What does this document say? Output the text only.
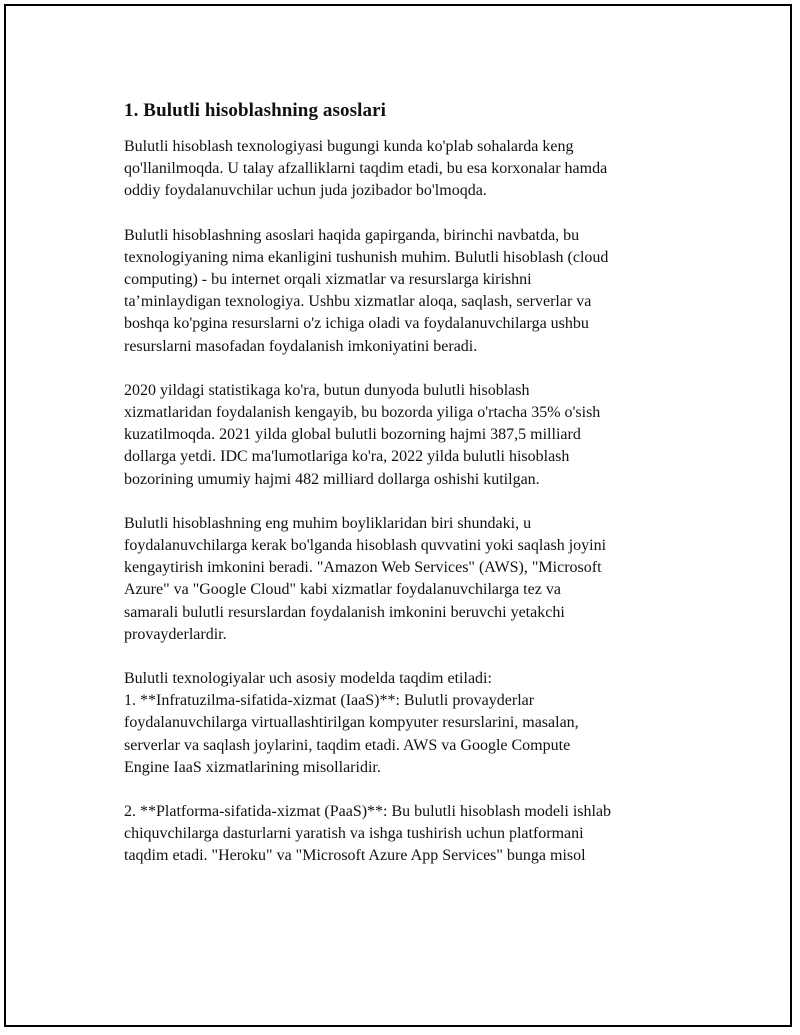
1. Bulutli hisoblashning asoslari
Bulutli hisoblash texnologiyasi bugungi kunda ko'plab sohalarda keng
qo'llanilmoqda. U talay afzalliklarni taqdim etadi, bu esa korxonalar hamda
oddiy foydalanuvchilar uchun juda jozibador bo'lmoqda.
Bulutli hisoblashning asoslari haqida gapirganda, birinchi navbatda, bu
texnologiyaning nima ekanligini tushunish muhim. Bulutli hisoblash (cloud
computing) - bu internet orqali xizmatlar va resurslarga kirishni
ta’minlaydigan texnologiya. Ushbu xizmatlar aloqa, saqlash, serverlar va
boshqa ko'pgina resurslarni o'z ichiga oladi va foydalanuvchilarga ushbu
resurslarni masofadan foydalanish imkoniyatini beradi.
2020 yildagi statistikaga ko'ra, butun dunyoda bulutli hisoblash
xizmatlaridan foydalanish kengayib, bu bozorda yiliga o'rtacha 35% o'sish
kuzatilmoqda. 2021 yilda global bulutli bozorning hajmi 387,5 milliard
dollarga yetdi. IDC ma'lumotlariga ko'ra, 2022 yilda bulutli hisoblash
bozorining umumiy hajmi 482 milliard dollarga oshishi kutilgan.
Bulutli hisoblashning eng muhim boyliklaridan biri shundaki, u
foydalanuvchilarga kerak bo'lganda hisoblash quvvatini yoki saqlash joyini
kengaytirish imkonini beradi. "Amazon Web Services" (AWS), "Microsoft
Azure" va "Google Cloud" kabi xizmatlar foydalanuvchilarga tez va
samarali bulutli resurslardan foydalanish imkonini beruvchi yetakchi
provayderlardir.
Bulutli texnologiyalar uch asosiy modelda taqdim etiladi:
1. **Infratuzilma-sifatida-xizmat (IaaS)**: Bulutli provayderlar
foydalanuvchilarga virtuallashtirilgan kompyuter resurslarini, masalan,
serverlar va saqlash joylarini, taqdim etadi. AWS va Google Compute
Engine IaaS xizmatlarining misollaridir.
2. **Platforma-sifatida-xizmat (PaaS)**: Bu bulutli hisoblash modeli ishlab
chiquvchilarga dasturlarni yaratish va ishga tushirish uchun platformani
taqdim etadi. "Heroku" va "Microsoft Azure App Services" bunga misol
